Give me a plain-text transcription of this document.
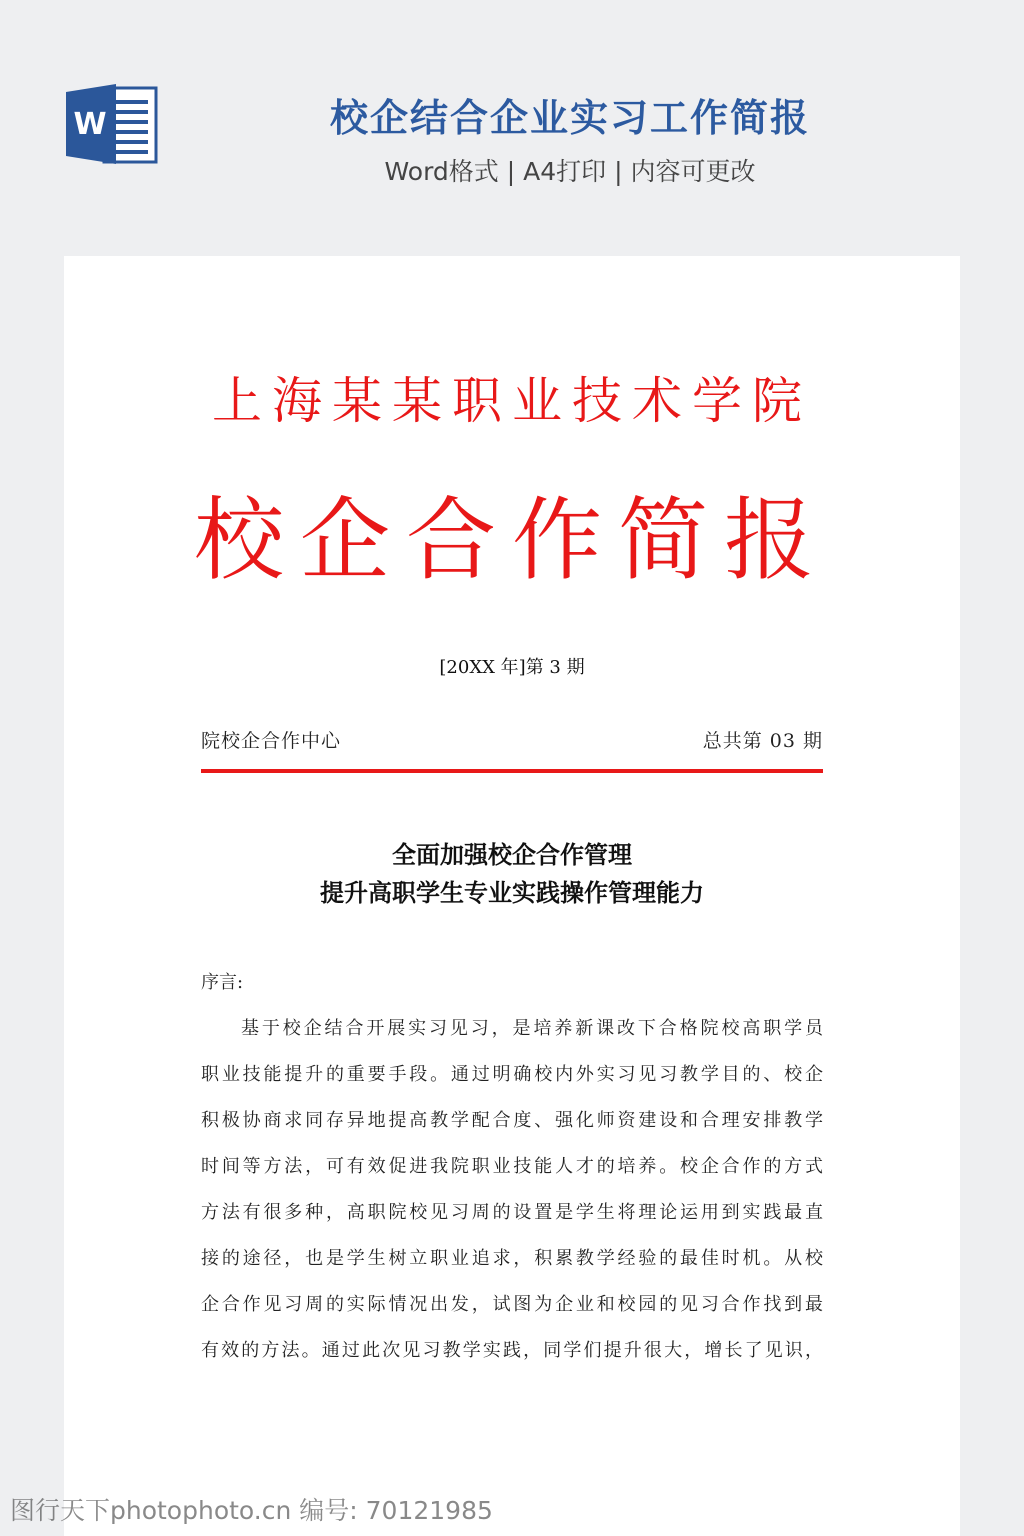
W	校企结合企业实习工作简报
Word格式 | A4打印 | 内容可更改
上海某某职业技术学院
校企合作简报
[20XX 年]第 3 期
院校企合作中心	总共第 03 期
全面加强校企合作管理
提升高职学生专业实践操作管理能力
序言:
基于校企结合开展实习见习，是培养新课改下合格院校高职学员
职业技能提升的重要手段。通过明确校内外实习见习教学目的、校企
积极协商求同存异地提高教学配合度、强化师资建设和合理安排教学
时间等方法，可有效促进我院职业技能人才的培养。校企合作的方式
方法有很多种，高职院校见习周的设置是学生将理论运用到实践最直
接的途径，也是学生树立职业追求，积累教学经验的最佳时机。从校
企合作见习周的实际情况出发，试图为企业和校园的见习合作找到最
有效的方法。通过此次见习教学实践，同学们提升很大，增长了见识，
图行天下photophoto.cn 编号: 70121985
